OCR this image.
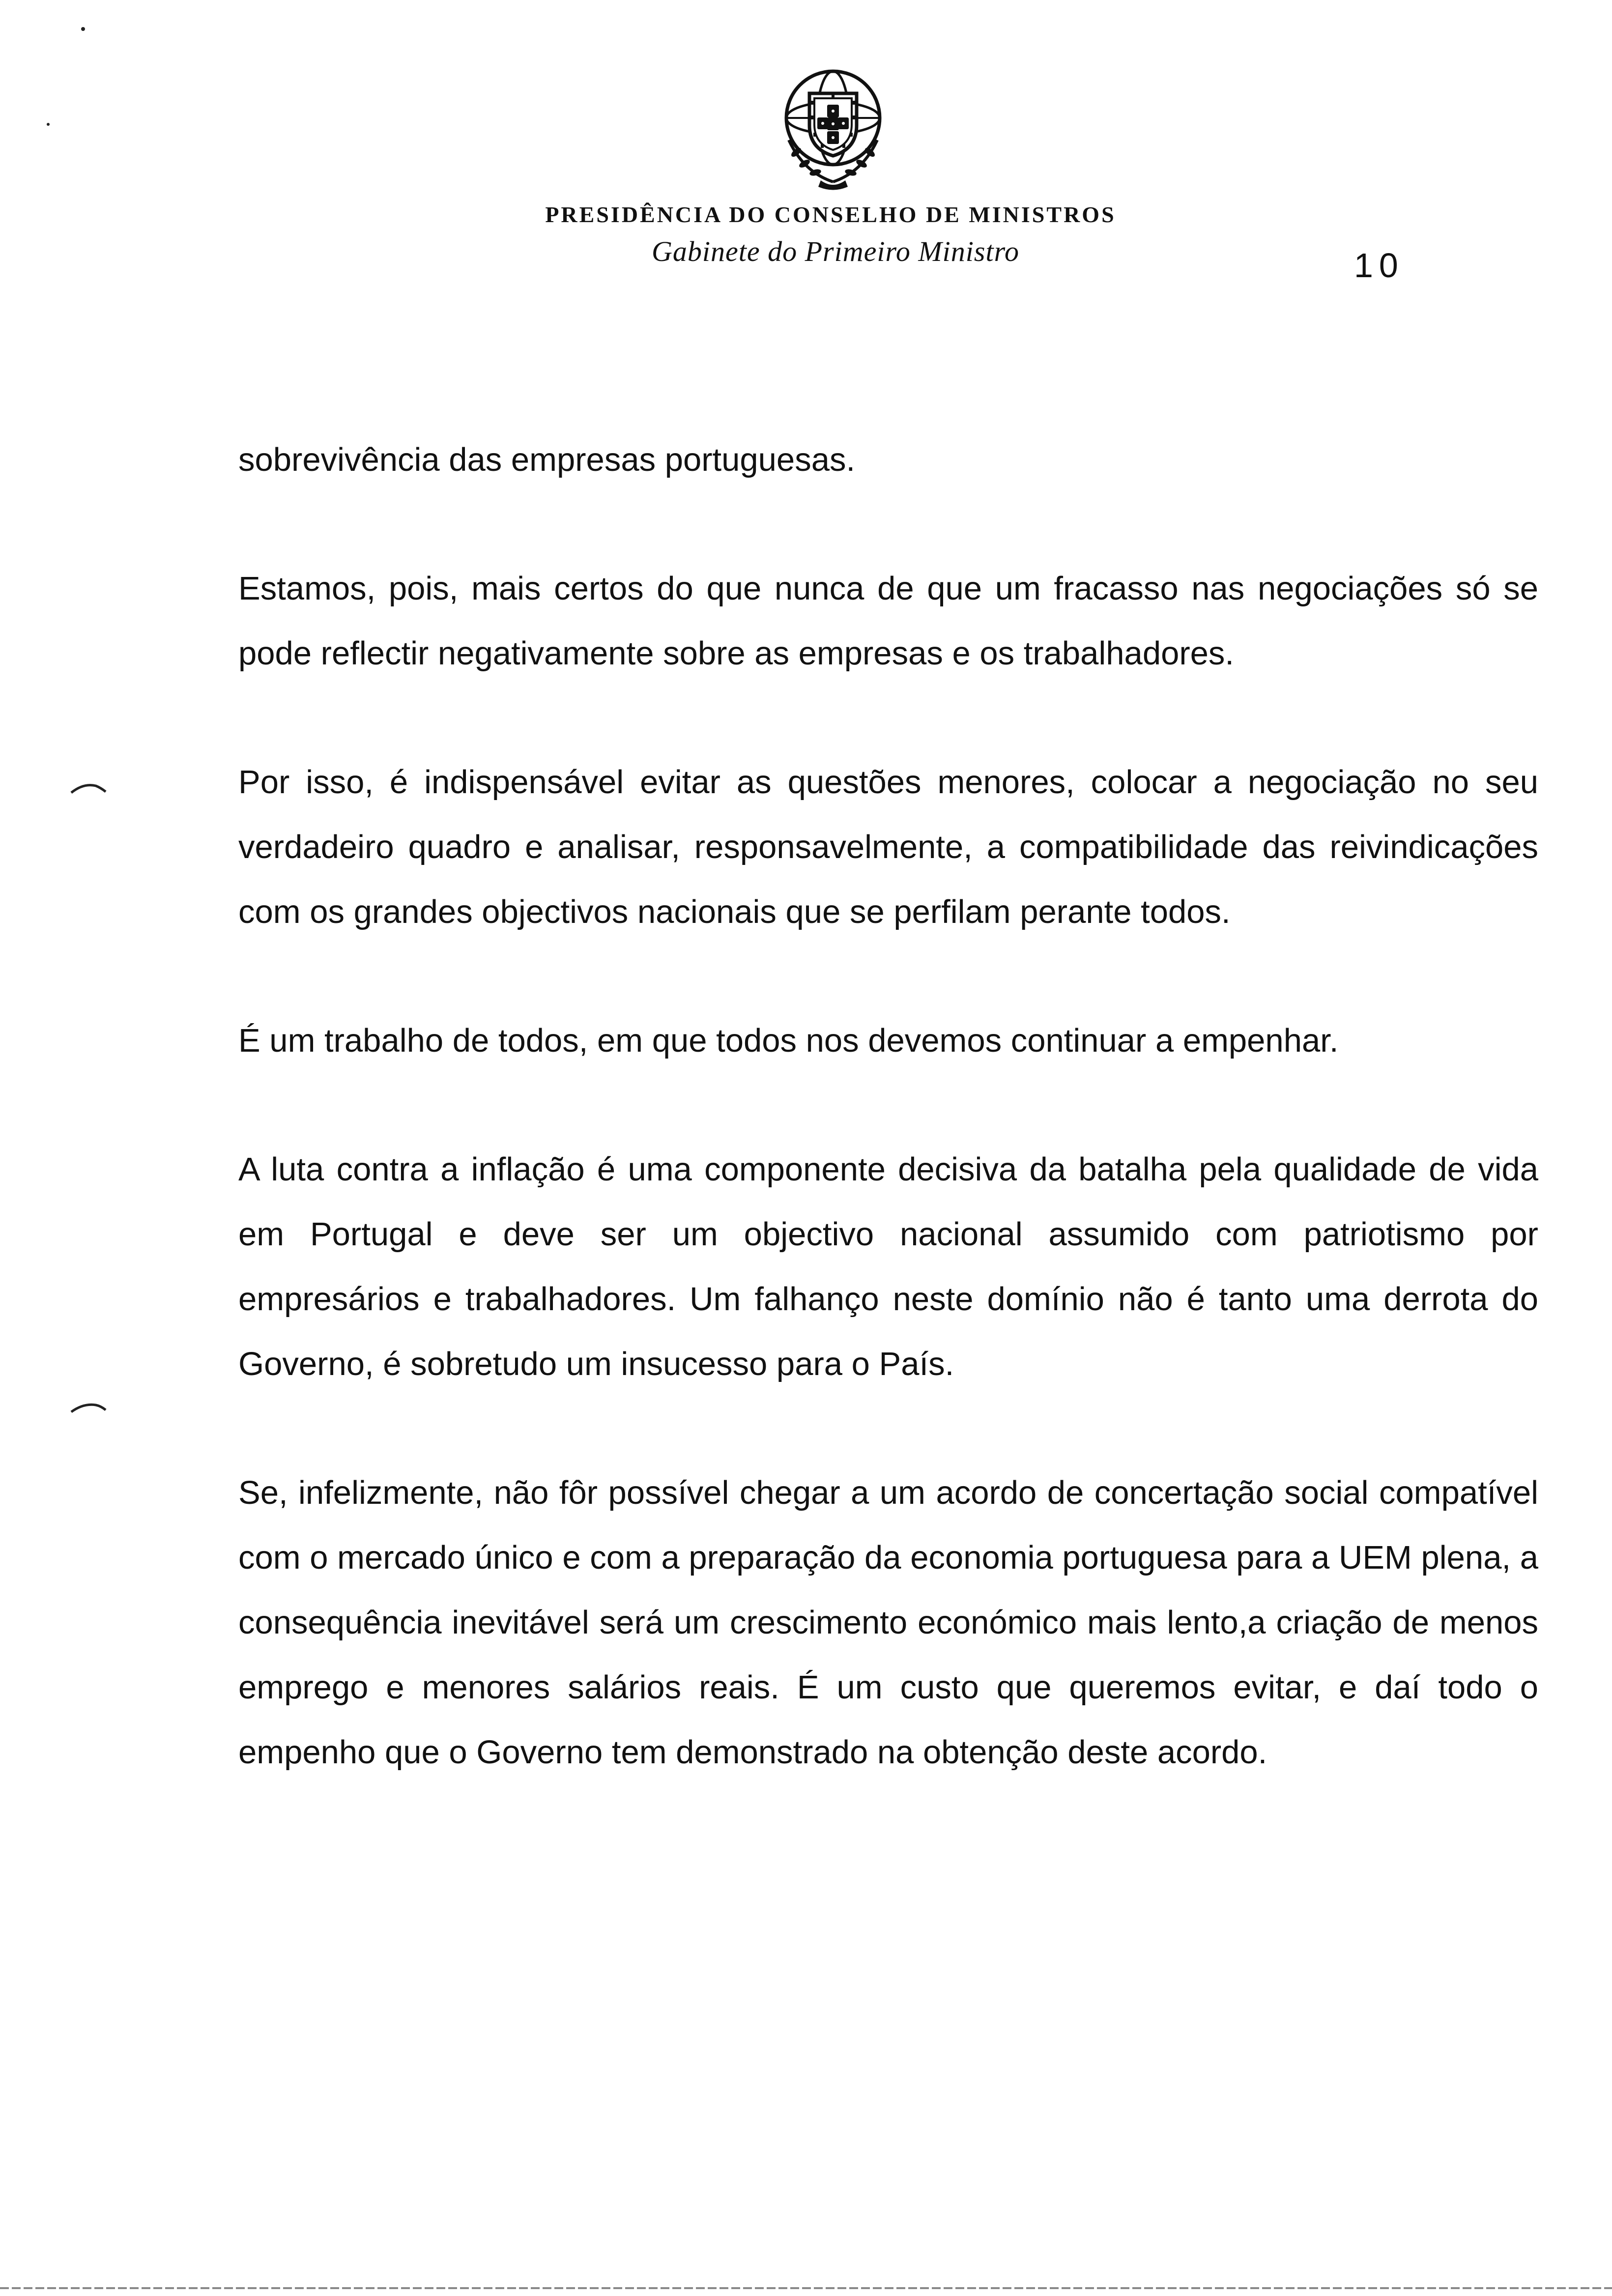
PRESIDÊNCIA DO CONSELHO DE MINISTROS
Gabinete do Primeiro Ministro	10

sobrevivência das empresas portuguesas.

Estamos, pois, mais certos do que nunca de que um fracasso nas negociações só se pode reflectir negativamente sobre as empresas e os trabalhadores.

Por isso, é indispensável evitar as questões menores, colocar a negociação no seu verdadeiro quadro e analisar, responsavelmente, a compatibilidade das reivindicações com os grandes objectivos nacionais que se perfilam perante todos.

É um trabalho de todos, em que todos nos devemos continuar a empenhar.

A luta contra a inflação é uma componente decisiva da batalha pela qualidade de vida em Portugal e deve ser um objectivo nacional assumido com patriotismo por empresários e trabalhadores. Um falhanço neste domínio não é tanto uma derrota do Governo, é sobretudo um insucesso para o País.

Se, infelizmente, não fôr possível chegar a um acordo de concertação social compatível com o mercado único e com a preparação da economia portuguesa para a UEM plena, a consequência inevitável será um crescimento económico mais lento,a criação de menos emprego e menores salários reais. É um custo que queremos evitar, e daí todo o empenho que o Governo tem demonstrado na obtenção deste acordo.
